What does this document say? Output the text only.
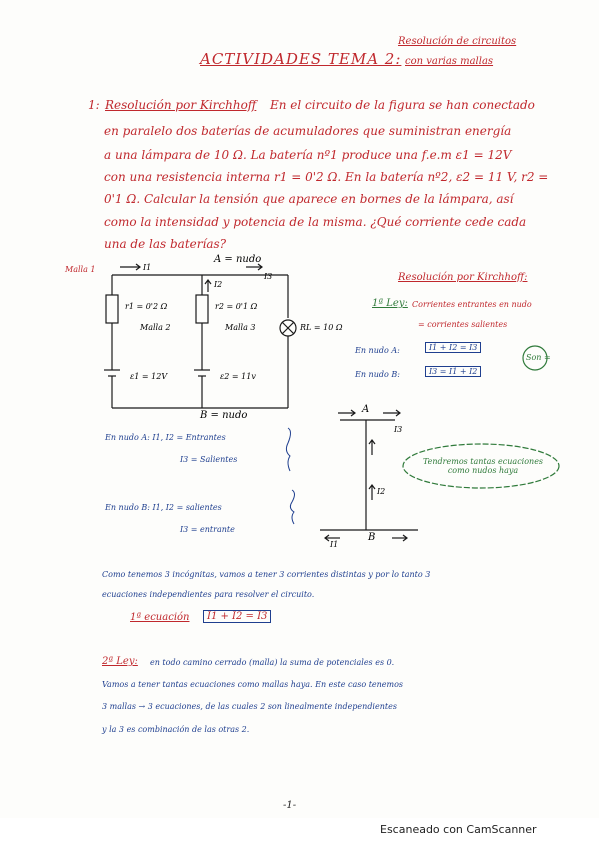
ACTIVIDADES TEMA 2:
Resolución de circuitos
con varias mallas
1: Resolución por Kirchhoff En el circuito de la figura se han conectado
en paralelo dos baterías de acumuladores que suministran energía
a una lámpara de 10 Ω. La batería nº1 produce una f.e.m ε1 = 12V
con una resistencia interna r1 = 0'2 Ω. En la batería nº2, ε2 = 11 V, r2 =
0'1 Ω. Calcular la tensión que aparece en bornes de la lámpara, así
como la intensidad y potencia de la misma. ¿Qué corriente cede cada
una de las baterías?
Malla 1
A = nudo
I1
I2
I3
r1 = 0'2 Ω	r2 = 0'1 Ω
Malla 2	Malla 3	RL = 10 Ω
ε1 = 12V	ε2 = 11v
B = nudo
Resolución por Kirchhoff:
1ª Ley: Corrientes entrantes en nudo
= corrientes salientes
En nudo A:	I1 + I2 = I3
En nudo B:	I3 = I1 + I2
Son =
En nudo A: I1, I2 = Entrantes
I3 = Salientes
En nudo B: I1, I2 = salientes
I3 = entrante
Tendremos tantas ecuaciones como nudos haya
A
B
I1
I2
I3
Como tenemos 3 incógnitas, vamos a tener 3 corrientes distintas y por lo tanto 3
ecuaciones independientes para resolver el circuito.
1ª ecuación	I1 + I2 = I3
2ª Ley: en todo camino cerrado (malla) la suma de potenciales es 0.
Vamos a tener tantas ecuaciones como mallas haya. En este caso tenemos
3 mallas → 3 ecuaciones, de las cuales 2 son linealmente independientes
y la 3 es combinación de las otras 2.
-1-
Escaneado con CamScanner
